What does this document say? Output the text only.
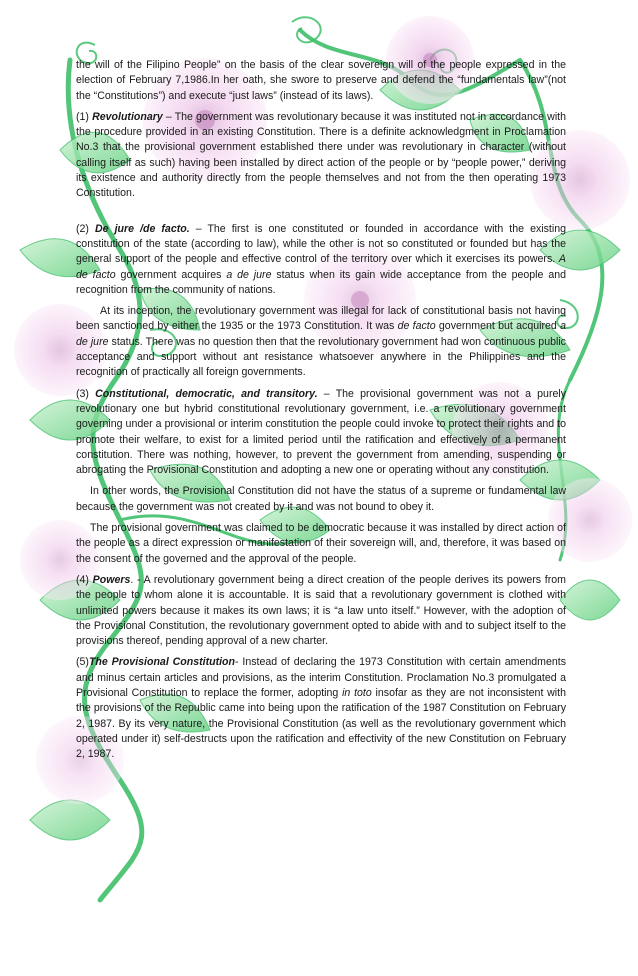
the will of the Filipino People” on the basis of the clear sovereign will of the people expressed in the election of February 7,1986.In her oath, she swore to preserve and defend the “fundamentals law”(not the “Constitutions”) and execute “just laws” (instead of its laws).

(1) Revolutionary – The government was revolutionary because it was instituted not in accordance with the procedure provided in an existing Constitution. There is a definite acknowledgment in Proclamation No.3 that the provisional government established there under was revolutionary in character (without calling itself as such) having been installed by direct action of the people or by “people power,” deriving its existence and authority directly from the people themselves and not from the then operating 1973 Constitution.

(2) De jure /de facto. – The first is one constituted or founded in accordance with the existing constitution of the state (according to law), while the other is not so constituted or founded but has the general support of the people and effective control of the territory over which it exercises its powers. A de facto government acquires a de jure status when its gain wide acceptance from the people and recognition from the community of nations.

At its inception, the revolutionary government was illegal for lack of constitutional basis not having been sanctioned by either the 1935 or the 1973 Constitution. It was de facto government but acquired a de jure status. There was no question then that the revolutionary government had won continuous public acceptance and support without ant resistance whatsoever anywhere in the Philippines and the recognition of practically all foreign governments.

(3) Constitutional, democratic, and transitory. – The provisional government was not a purely revolutionary one but hybrid constitutional revolutionary government, i.e. a revolutionary government governing under a provisional or interim constitution the people could invoke to protect their rights and to promote their welfare, to exist for a limited period until the ratification and effectively of a permanent constitution. There was nothing, however, to prevent the government from amending, suspending or abrogating the Provisional Constitution and adopting a new one or operating without any constitution.

In other words, the Provisional Constitution did not have the status of a supreme or fundamental law because the government was not created by it and was not bound to obey it.

The provisional government was claimed to be democratic because it was installed by direct action of the people as a direct expression or manifestation of their sovereign will, and, therefore, it was based on the consent of the governed and the approval of the people.

(4) Powers. - A revolutionary government being a direct creation of the people derives its powers from the people to whom alone it is accountable. It is said that a revolutionary government is clothed with unlimited powers because it makes its own laws; it is “a law unto itself.” However, with the adoption of the Provisional Constitution, the revolutionary government opted to abide with and to subject itself to the provisions thereof, pending approval of a new charter.

(5)The Provisional Constitution- Instead of declaring the 1973 Constitution with certain amendments and minus certain articles and provisions, as the interim Constitution. Proclamation No.3 promulgated a Provisional Constitution to replace the former, adopting in toto insofar as they are not inconsistent with the provisions of the Republic came into being upon the ratification of the 1987 Constitution on February 2, 1987. By its very nature, the Provisional Constitution (as well as the revolutionary government which operated under it) self-destructs upon the ratification and effectivity of the new Constitution on February 2, 1987.
